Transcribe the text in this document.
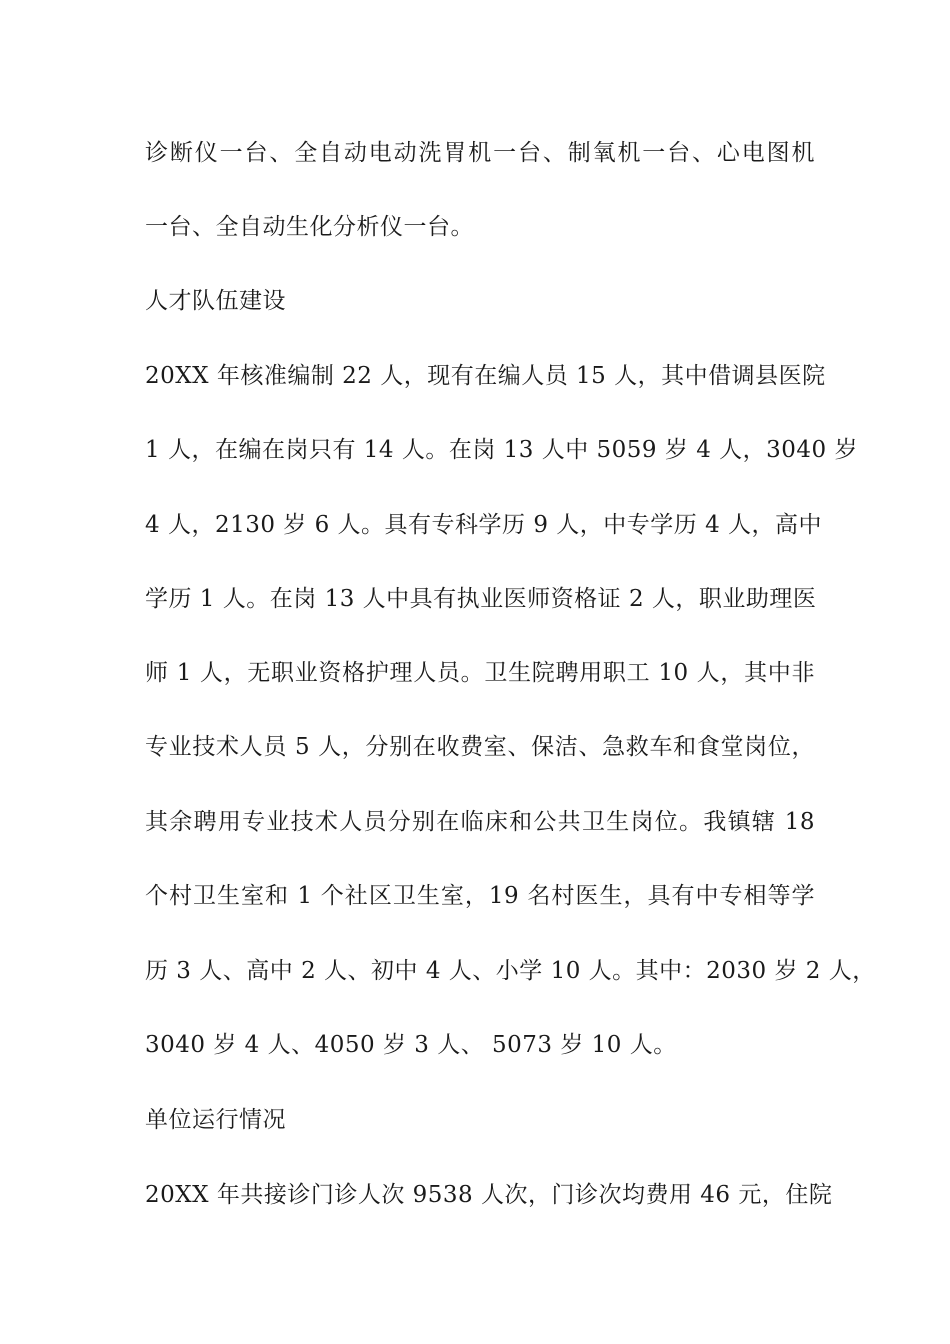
诊断仪一台、全自动电动洗胃机一台、制氧机一台、心电图机
一台、全自动生化分析仪一台。
人才队伍建设
20XX 年核准编制 22 人，现有在编人员 15 人，其中借调县医院
1 人，在编在岗只有 14 人。在岗 13 人中 5059 岁 4 人，3040 岁
4 人，2130 岁 6 人。具有专科学历 9 人，中专学历 4 人，高中
学历 1 人。在岗 13 人中具有执业医师资格证 2 人，职业助理医
师 1 人，无职业资格护理人员。卫生院聘用职工 10 人，其中非
专业技术人员 5 人，分别在收费室、保洁、急救车和食堂岗位，
其余聘用专业技术人员分别在临床和公共卫生岗位。我镇辖 18
个村卫生室和 1 个社区卫生室，19 名村医生，具有中专相等学
历 3 人、高中 2 人、初中 4 人、小学 10 人。其中：2030 岁 2 人，
3040 岁 4 人、4050 岁 3 人、 5073 岁 10 人。
单位运行情况
20XX 年共接诊门诊人次 9538 人次，门诊次均费用 46 元，住院
